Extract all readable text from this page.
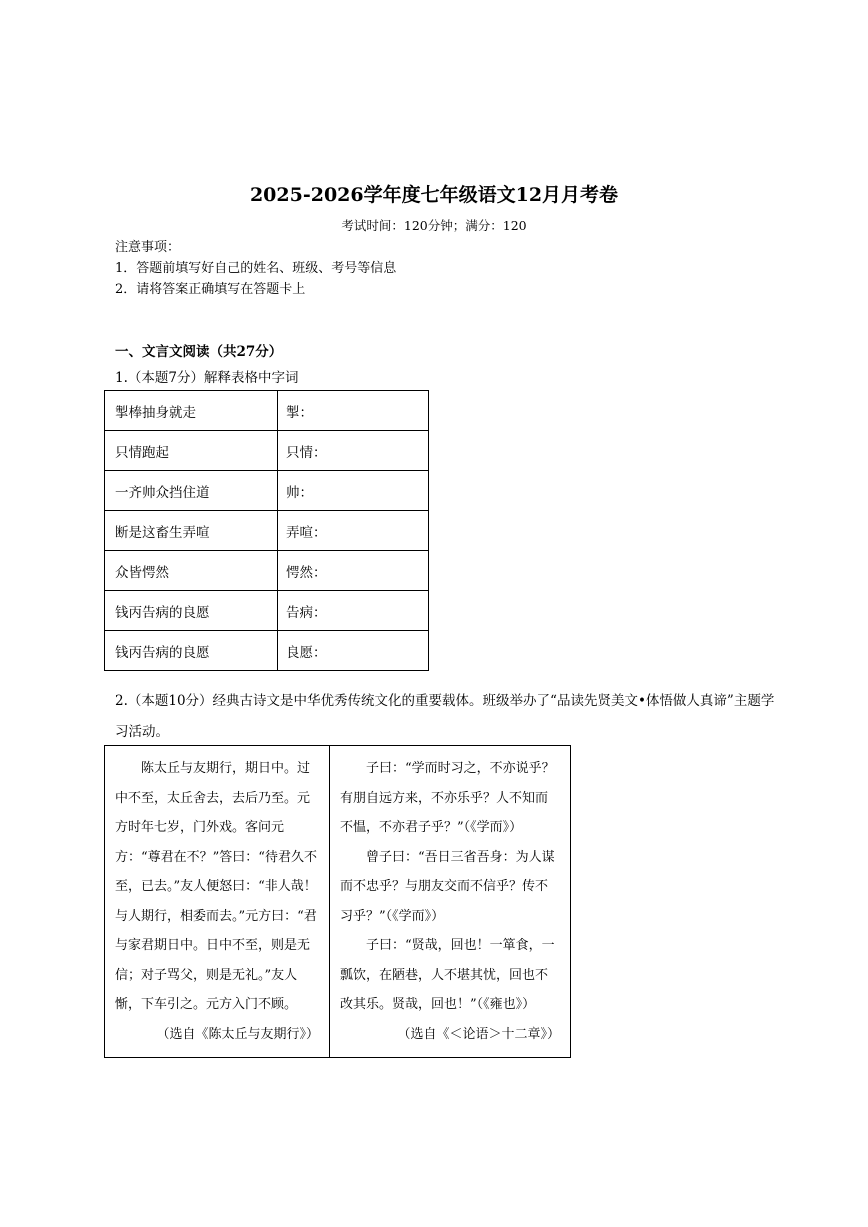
2025-2026学年度七年级语文12月月考卷
考试时间：120分钟；满分：120
注意事项：
1．答题前填写好自己的姓名、班级、考号等信息
2．请将答案正确填写在答题卡上
一、文言文阅读（共27分）
1.（本题7分）解释表格中字词
掣棒抽身就走	掣：
只情跑起	只情：
一齐帅众挡住道	帅：
断是这畜生弄喧	弄喧：
众皆愕然	愕然：
钱丙告病的良愿	告病：
钱丙告病的良愿	良愿：
2.（本题10分）经典古诗文是中华优秀传统文化的重要载体。班级举办了“品读先贤美文•体悟做人真谛”主题学习活动。

陈太丘与友期行，期日中。过中不至，太丘舍去，去后乃至。元方时年七岁，门外戏。客问元方：“尊君在不？”答曰：“待君久不至，已去。”友人便怒曰：“非人哉！与人期行，相委而去。”元方曰：“君与家君期日中。日中不至，则是无信；对子骂父，则是无礼。”友人惭，下车引之。元方入门不顾。

（选自《陈太丘与友期行》）

子曰：“学而时习之，不亦说乎？有朋自远方来，不亦乐乎？人不知而不愠，不亦君子乎？”（《学而》）

曾子曰：“吾日三省吾身：为人谋而不忠乎？与朋友交而不信乎？传不习乎？”（《学而》）

子曰：“贤哉，回也！一箪食，一瓢饮，在陋巷，人不堪其忧，回也不改其乐。贤哉，回也！”（《雍也》）

（选自《＜论语＞十二章》）
